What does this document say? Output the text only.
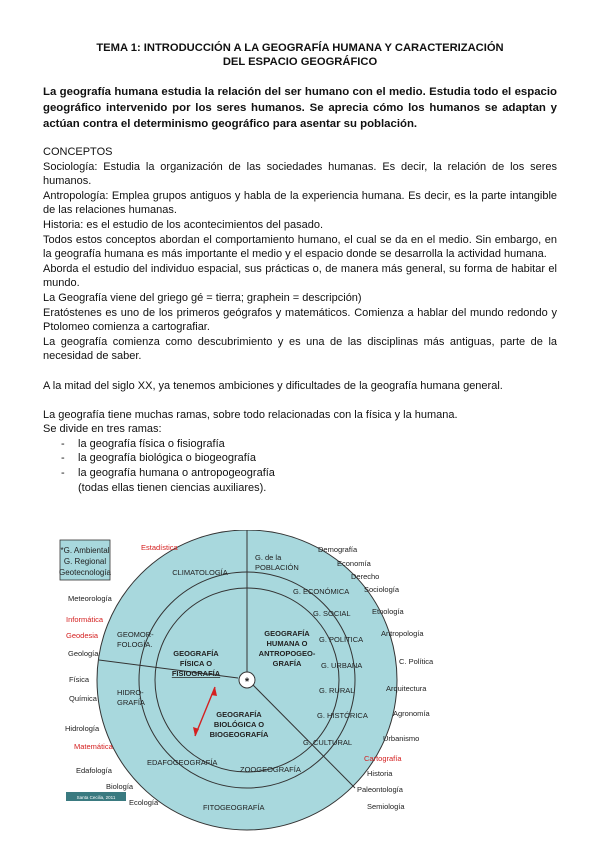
TEMA 1: INTRODUCCIÓN A LA GEOGRAFÍA HUMANA Y CARACTERIZACIÓN
DEL ESPACIO GEOGRÁFICO
La geografía humana estudia la relación del ser humano con el medio. Estudia todo el espacio geográfico intervenido por los seres humanos. Se aprecia cómo los humanos se adaptan y actúan contra el determinismo geográfico para asentar su población.

CONCEPTOS

Sociología: Estudia la organización de las sociedades humanas. Es decir, la relación de los seres humanos.

Antropología: Emplea grupos antiguos y habla de la experiencia humana. Es decir, es la parte intangible de las relaciones humanas.

Historia: es el estudio de los acontecimientos del pasado.

Todos estos conceptos abordan el comportamiento humano, el cual se da en el medio. Sin embargo, en la geografía humana es más importante el medio y el espacio donde se desarrolla la actividad humana.

Aborda el estudio del individuo espacial, sus prácticas o, de manera más general, su forma de habitar el mundo.

La Geografía viene del griego gé = tierra; graphein = descripción)

Eratóstenes es uno de los primeros geógrafos y matemáticos. Comienza a hablar del mundo redondo y Ptolomeo comienza a cartografiar.

La geografía comienza como descubrimiento y es una de las disciplinas más antiguas, parte de la necesidad de saber.

A la mitad del siglo XX, ya tenemos ambiciones y dificultades de la geografía humana general.

La geografía tiene muchas ramas, sobre todo relacionadas con la física y la humana.

Se divide en tres ramas:

- la geografía física o fisiografía
- la geografía biológica o biogeografía
- la geografía humana o antropogeografía
(todas ellas tienen ciencias auxiliares).
*
*G. Ambiental
G. Regional
Geotecnología	CLIMATOLOGÍA
G. de la
POBLACIÓN
G. ECONÓMICA
G. SOCIAL
G. POLÍTICA
G. URBANA
G. RURAL
G. HISTÓRICA
G. CULTURAL
GEOMOR-
FOLOGÍA.
HIDRO-
GRAFÍA
EDAFOGEOGRAFÍA
ZOOGEOGRAFÍA
FITOGEOGRAFÍA
GEOGRAFÍA
FÍSICA O
FISIOGRAFÍA
GEOGRAFÍA
HUMANA O
ANTROPOGEO-
GRAFÍA
GEOGRAFÍA
BIOLÓGICA O
BIOGEOGRAFÍA
Santa Cecilia, 2011
Estadística
Meteorología
Informática
Geodesia
Geología
Física
Química
Hidrología
Matemática
Edafología
Biología
Ecología
Demografía
Economía
Derecho
Sociología
Etnología
Antropología
C. Política
Arquitectura
Agronomía
Urbanismo
Cartografía
Historia
Paleontología
Semiología
